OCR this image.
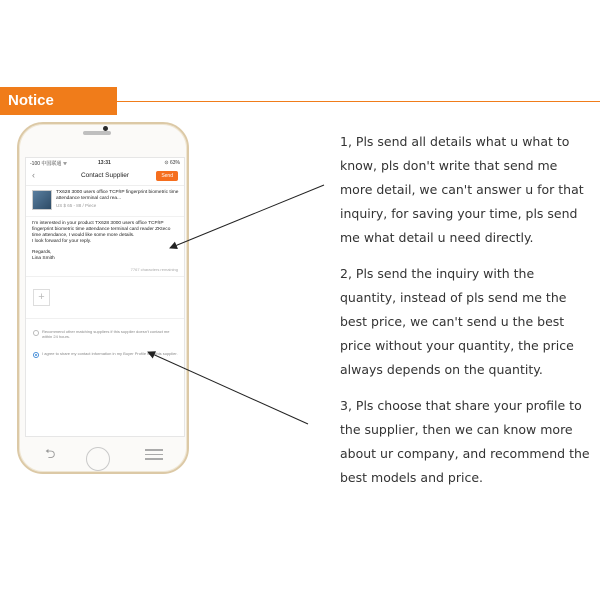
Notice
-100 中国联通 ᯤ	13:31	⊙ 63%
‹	Contact Supplier	Send
TX628 3000 users office TCP/IP fingerprint biometric time attendance terminal card rea...
US $ 65 - 88 / Piece

I'm interested in your product TX628 3000 users office TCP/IP fingerprint biometric time attendance terminal card reader ZKteco time attendance, I would like some more details.
I look forward for your reply.

Regards,
Lina Smith

7767 characters remaining
+
Recommend other matching suppliers if this supplier doesn't contact me within 24 hours.
I agree to share my contact information in my Buyer Profile with this supplier.
⮌

1, Pls send all details what u what to know, pls don't write that send me more detail, we can't answer u for that inquiry, for saving your time, pls send me what detail u need directly.

2, Pls send the inquiry with the quantity, instead of pls send me the best price, we can't send u the best price without your quantity, the price always depends on the quantity.

3, Pls choose that share your profile to the supplier, then we can know more about ur company, and recommend the best models and price.
